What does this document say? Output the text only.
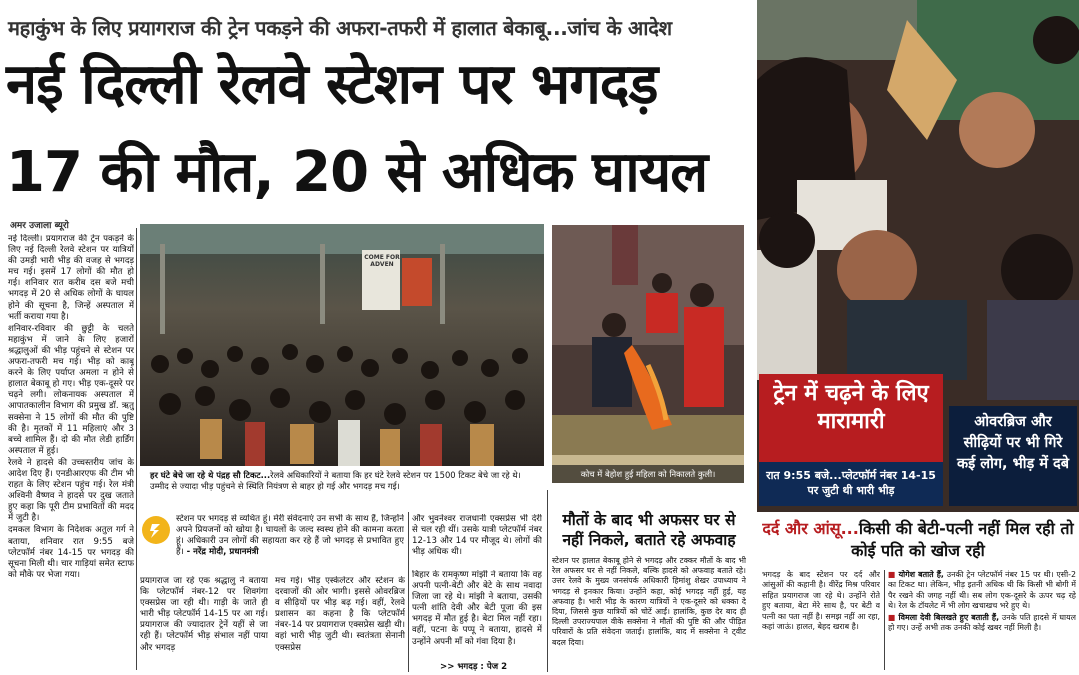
महाकुंभ के लिए प्रयागराज की ट्रेन पकड़ने की अफरा-तफरी में हालात बेकाबू...जांच के आदेश
नई दिल्ली रेलवे स्टेशन पर भगदड़
17 की मौत, 20 से अधिक घायल
अमर उजाला ब्यूरो

नई दिल्ली। प्रयागराज की ट्रेन पकड़ने के लिए नई दिल्ली रेलवे स्टेशन पर यात्रियों की उमड़ी भारी भीड़ की वजह से भगदड़ मच गई। इसमें 17 लोगों की मौत हो गई। शनिवार रात करीब दस बजे मची भगदड़ में 20 से अधिक लोगों के घायल होने की सूचना है, जिन्हें अस्पताल में भर्ती कराया गया है।

शनिवार-रविवार की छुट्टी के चलते महाकुंभ में जाने के लिए हजारों श्रद्धालुओं की भीड़ पहुंचने से स्टेशन पर अफरा-तफरी मच गई। भीड़ को काबू करने के लिए पर्याप्त अमला न होने से हालात बेकाबू हो गए। भीड़ एक-दूसरे पर चढ़ने लगी। लोकनायक अस्पताल में आपातकालीन विभाग की प्रमुख डॉ. ऋतु सक्सेना ने 15 लोगों की मौत की पुष्टि की है। मृतकों में 11 महिलाएं और 3 बच्चे शामिल हैं। दो की मौत लेडी हार्डिंग अस्पताल में हुई।

रेलवे ने हादसे की उच्चस्तरीय जांच के आदेश दिए हैं। एनडीआरएफ की टीम भी राहत के लिए स्टेशन पहुंच गई। रेल मंत्री अश्विनी वैष्णव ने हादसे पर दुख जताते हुए कहा कि पूरी टीम प्रभावितों की मदद में जुटी है।

दमकल विभाग के निदेशक अतुल गर्ग ने बताया, शनिवार रात 9:55 बजे प्लेटफॉर्म नंबर 14-15 पर भगदड़ की सूचना मिली थी। चार गाड़ियां समेत स्टाफ को मौके पर भेजा गया।

COME FOR ADVEN
हर घंटे बेचे जा रहे थे पंद्रह सौ टिकट...रेलवे अधिकारियों ने बताया कि हर घंटे रेलवे स्टेशन पर 1500 टिकट बेचे जा रहे थे। उम्मीद से ज्यादा भीड़ पहुंचने से स्थिति नियंत्रण से बाहर हो गई और भगदड़ मच गई।
कोच में बेहोश हुई महिला को निकालते कुली।
स्टेशन पर भगदड़ से व्यथित हूं। मेरी संवेदनाएं उन सभी के साथ हैं, जिन्होंने अपने प्रियजनों को खोया है। घायलों के जल्द स्वस्थ होने की कामना करता हूं। अधिकारी उन लोगों की सहायता कर रहे हैं जो भगदड़ से प्रभावित हुए हैं। - नरेंद्र मोदी, प्रधानमंत्री
प्रयागराज जा रहे एक श्रद्धालु ने बताया कि प्लेटफॉर्म नंबर-12 पर शिवगंगा एक्सप्रेस जा रही थी। गाड़ी के जाते ही भारी भीड़ प्लेटफॉर्म 14-15 पर आ गई। प्रयागराज की ज्यादातर ट्रेनें यहीं से जा रही हैं। प्लेटफॉर्म भीड़ संभाल नहीं पाया और भगदड़
मच गई। भीड़ एस्केलेटर और स्टेशन के दरवाजों की ओर भागी। इससे ओवरब्रिज व सीढ़ियों पर भीड़ बढ़ गई। वहीं, रेलवे प्रशासन का कहना है कि प्लेटफॉर्म नंबर-14 पर प्रयागराज एक्सप्रेस खड़ी थी। वहां भारी भीड़ जुटी थी। स्वतंत्रता सेनानी एक्सप्रेस
और भुवनेश्वर राजधानी एक्सप्रेस भी देरी से चल रही थीं। उसके यात्री प्लेटफॉर्म नंबर 12-13 और 14 पर मौजूद थे। लोगों की भीड़ अधिक थी।
बिहार के रामकृष्ण मांझी ने बताया कि वह अपनी पत्नी-बेटी और बेटे के साथ नवादा जिला जा रहे थे। मांझी ने बताया, उसकी पत्नी शांति देवी और बेटी पूजा की इस भगदड़ में मौत हुई है। बेटा मिल नहीं रहा। वहीं, पटना के पप्पू ने बताया, हादसे में उन्होंने अपनी माँ को गंवा दिया है।
>> भगदड़ : पेज 2
मौतों के बाद भी अफसर घर से नहीं निकले, बताते रहे अफवाह
स्टेशन पर हालात बेकाबू होने से भगदड़ और टक्कर मौतों के बाद भी रेल अफसर घर से नहीं निकले, बल्कि हादसे को अफवाह बताते रहे। उत्तर रेलवे के मुख्य जनसंपर्क अधिकारी हिमांशु शेखर उपाध्याय ने भगदड़ से इनकार किया। उन्होंने कहा, कोई भगदड़ नहीं हुई, यह अफवाह है। भारी भीड़ के कारण यात्रियों ने एक-दूसरे को धक्का दे दिया, जिससे कुछ यात्रियों को चोटें आईं। हालांकि, कुछ देर बाद ही दिल्ली उपराज्यपाल वीके सक्सेना ने मौतों की पुष्टि की और पीड़ित परिवारों के प्रति संवेदना जताई। हालांकि, बाद में सक्सेना ने ट्वीट बदल दिया।
ट्रेन में चढ़ने के लिए मारामारी
रात 9:55 बजे...प्लेटफॉर्म नंबर 14-15 पर जुटी थी भारी भीड़
ओवरब्रिज और सीढ़ियों पर भी गिरे कई लोग, भीड़ में दबे
दर्द और आंसू...किसी की बेटी-पत्नी नहीं मिल रही तो कोई पति को खोज रही
भगदड़ के बाद स्टेशन पर दर्द और आंसुओं की कहानी है। वीरेंद्र मिश्र परिवार सहित प्रयागराज जा रहे थे। उन्होंने रोते हुए बताया, बेटा मेरे साथ है, पर बेटी व पत्नी का पता नहीं है। समझ नहीं आ रहा, कहां जाऊं। हालत, बेहद खराब है।

■ योगेश बताते हैं, उनकी ट्रेन प्लेटफॉर्म नंबर 15 पर थी। एसी-2 का टिकट था। लेकिन, भीड़ इतनी अधिक थी कि किसी भी बोगी में पैर रखने की जगह नहीं थी। सब लोग एक-दूसरे के ऊपर चढ़ रहे थे। रेल के टॉयलेट में भी लोग खचाखच भरे हुए थे।

■ विमला देवी बिलखते हुए बताती हैं, उनके पति हादसे में घायल हो गए। उन्हें अभी तक उनकी कोई खबर नहीं मिली है।
